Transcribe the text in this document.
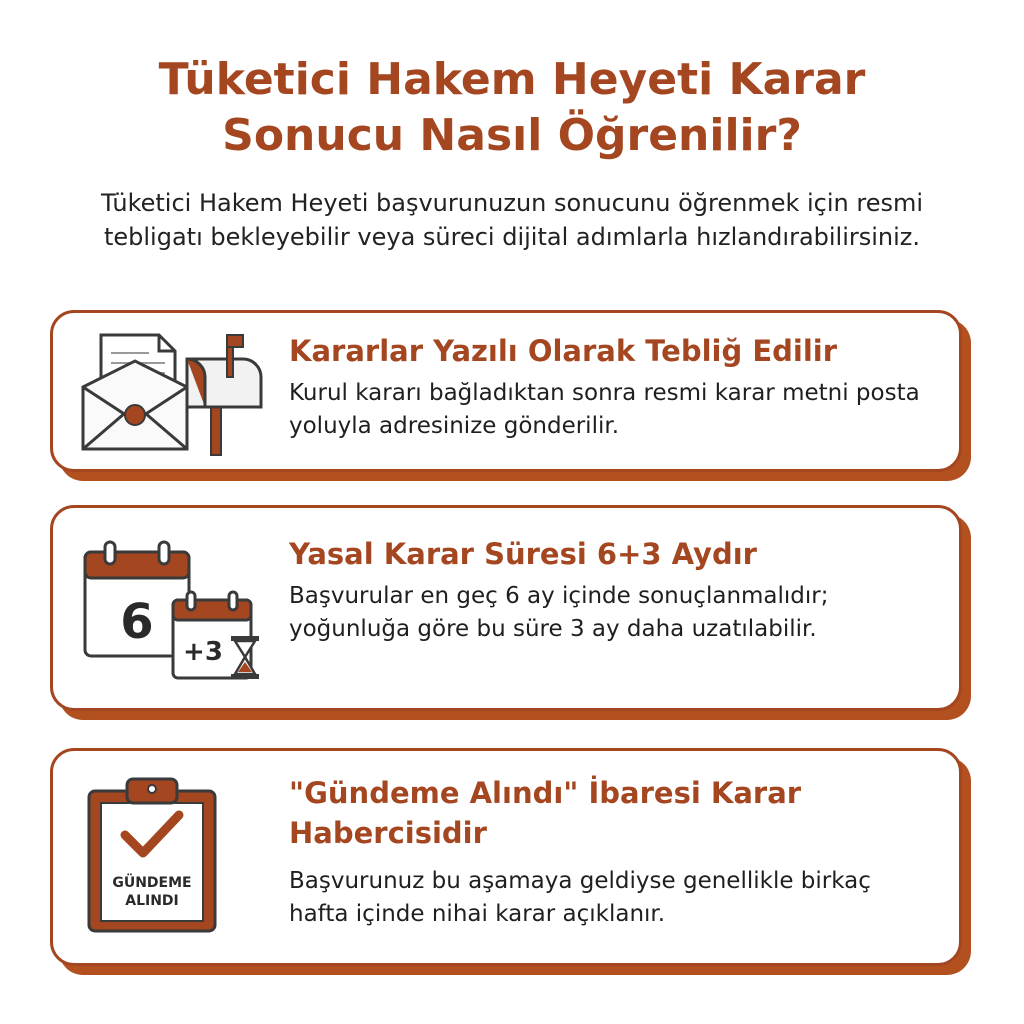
Tüketici Hakem Heyeti Karar
Sonucu Nasıl Öğrenilir?

Tüketici Hakem Heyeti başvurunuzun sonucunu öğrenmek için resmi tebligatı bekleyebilir veya süreci dijital adımlarla hızlandırabilirsiniz.

Kararlar Yazılı Olarak Tebliğ Edilir

Kurul kararı bağladıktan sonra resmi karar metni posta yoluyla adresinize gönderilir.

6
+3
Yasal Karar Süresi 6+3 Aydır

Başvurular en geç 6 ay içinde sonuçlanmalıdır; yoğunluğa göre bu süre 3 ay daha uzatılabilir.

GÜNDEME
ALINDI
"Gündeme Alındı" İbaresi Karar Habercisidir

Başvurunuz bu aşamaya geldiyse genellikle birkaç hafta içinde nihai karar açıklanır.
